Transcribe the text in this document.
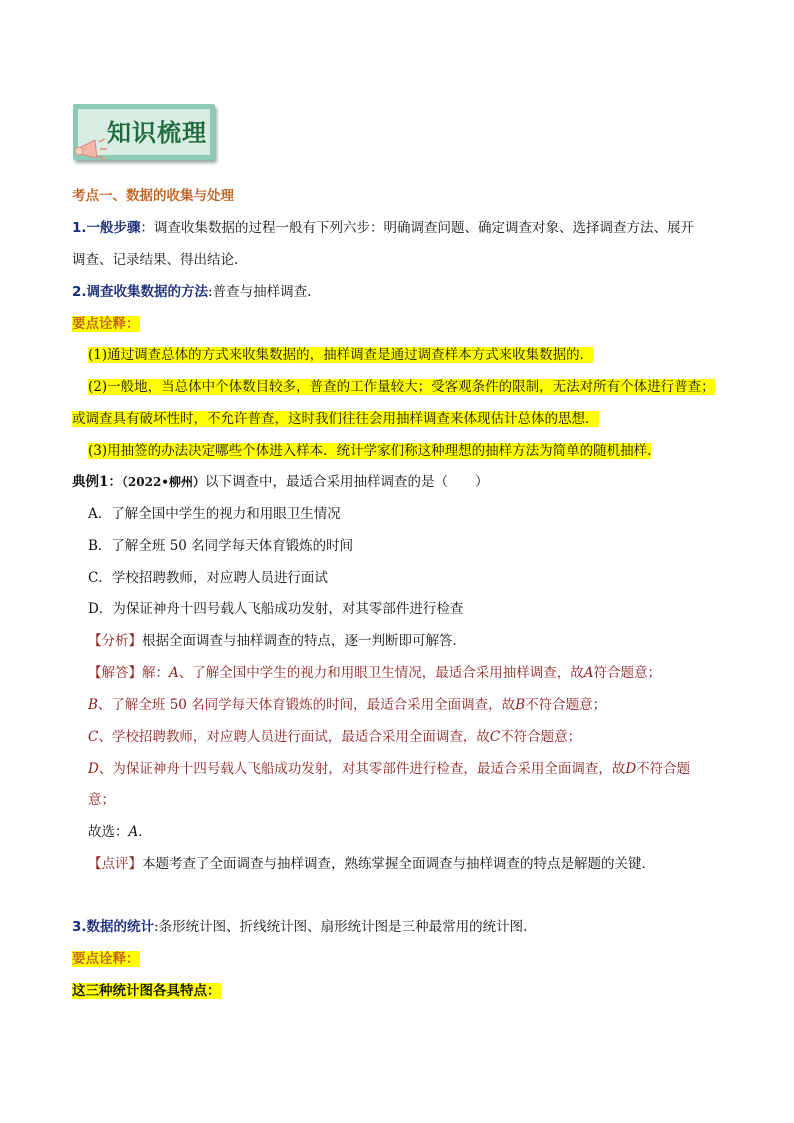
知识梳理
考点一、数据的收集与处理
1.一般步骤：调查收集数据的过程一般有下列六步：明确调查问题、确定调查对象、选择调查方法、展开
调查、记录结果、得出结论．
2.调查收集数据的方法:普查与抽样调查.
要点诠释：
(1)通过调查总体的方式来收集数据的，抽样调查是通过调查样本方式来收集数据的．
(2)一般地，当总体中个体数目较多，普查的工作量较大；受客观条件的限制，无法对所有个体进行普查；
或调查具有破坏性时，不允许普查，这时我们往往会用抽样调查来体现估计总体的思想．
(3)用抽签的办法决定哪些个体进入样本．统计学家们称这种理想的抽样方法为简单的随机抽样.
典例1：（2022•柳州）以下调查中，最适合采用抽样调查的是（　　）
A．了解全国中学生的视力和用眼卫生情况
B．了解全班 50 名同学每天体育锻炼的时间
C．学校招聘教师，对应聘人员进行面试
D．为保证神舟十四号载人飞船成功发射，对其零部件进行检查
【分析】根据全面调查与抽样调查的特点，逐一判断即可解答．
【解答】解：A、了解全国中学生的视力和用眼卫生情况，最适合采用抽样调查，故A符合题意；
B、了解全班 50 名同学每天体育锻炼的时间，最适合采用全面调查，故B不符合题意；
C、学校招聘教师，对应聘人员进行面试，最适合采用全面调查，故C不符合题意；
D、为保证神舟十四号载人飞船成功发射，对其零部件进行检查，最适合采用全面调查，故D不符合题
意；
故选：A．
【点评】本题考查了全面调查与抽样调查，熟练掌握全面调查与抽样调查的特点是解题的关键．
3.数据的统计:条形统计图、折线统计图、扇形统计图是三种最常用的统计图.
要点诠释：
这三种统计图各具特点：
